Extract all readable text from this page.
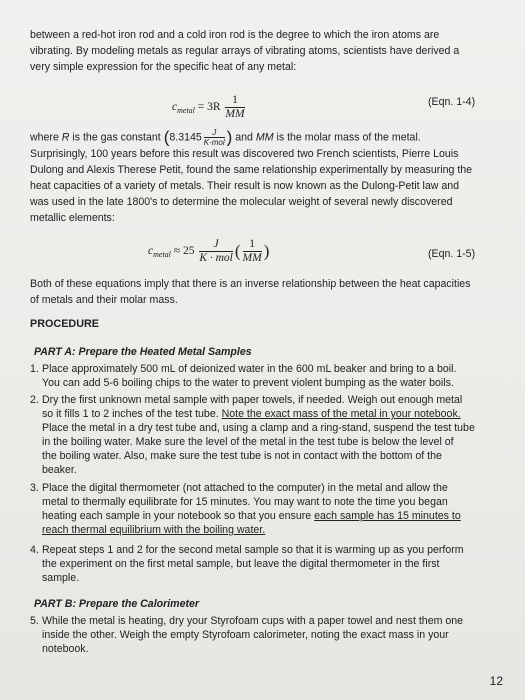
between a red-hot iron rod and a cold iron rod is the degree to which the iron atoms are
vibrating. By modeling metals as regular arrays of vibrating atoms, scientists have derived a
very simple expression for the specific heat of any metal:
$c_{metal} = 3R \frac{1}{MM}$	(Eqn. 1-4)
where R is the gas constant ($8.3145 \frac{J}{\text{K·mol}}$ ) and MM is the molar mass of the metal.
Surprisingly, 100 years before this result was discovered two French scientists, Pierre Louis
Dulong and Alexis Therese Petit, found the same relationship experimentally by measuring the
heat capacities of a variety of metals. Their result is now known as the Dulong-Petit law and
was used in the late 1800's to determine the molecular weight of several newly discovered
metallic elements:
$c_{metal} \approx 25 \frac{J}{\text{K · mol}}$ ( $\frac{1}{MM}$ )	(Eqn. 1-5)
Both of these equations imply that there is an inverse relationship between the heat capacities
of metals and their molar mass.
PROCEDURE
PART A: Prepare the Heated Metal Samples
1. Place approximately 500 mL of deionized water in the 600 mL beaker and bring to a boil.
You can add 5-6 boiling chips to the water to prevent violent bumping as the water boils.
2. Dry the first unknown metal sample with paper towels, if needed. Weigh out enough metal
so it fills 1 to 2 inches of the test tube. Note the exact mass of the metal in your notebook.
Place the metal in a dry test tube and, using a clamp and a ring-stand, suspend the test tube
in the boiling water. Make sure the level of the metal in the test tube is below the level of
the boiling water. Also, make sure the test tube is not in contact with the bottom of the
beaker.
3. Place the digital thermometer (not attached to the computer) in the metal and allow the
metal to thermally equilibrate for 15 minutes. You may want to note the time you began
heating each sample in your notebook so that you ensure each sample has 15 minutes to
reach thermal equilibrium with the boiling water.
4. Repeat steps 1 and 2 for the second metal sample so that it is warming up as you perform
the experiment on the first metal sample, but leave the digital thermometer in the first
sample.
PART B: Prepare the Calorimeter
5. While the metal is heating, dry your Styrofoam cups with a paper towel and nest them one
inside the other. Weigh the empty Styrofoam calorimeter, noting the exact mass in your
notebook.
12
